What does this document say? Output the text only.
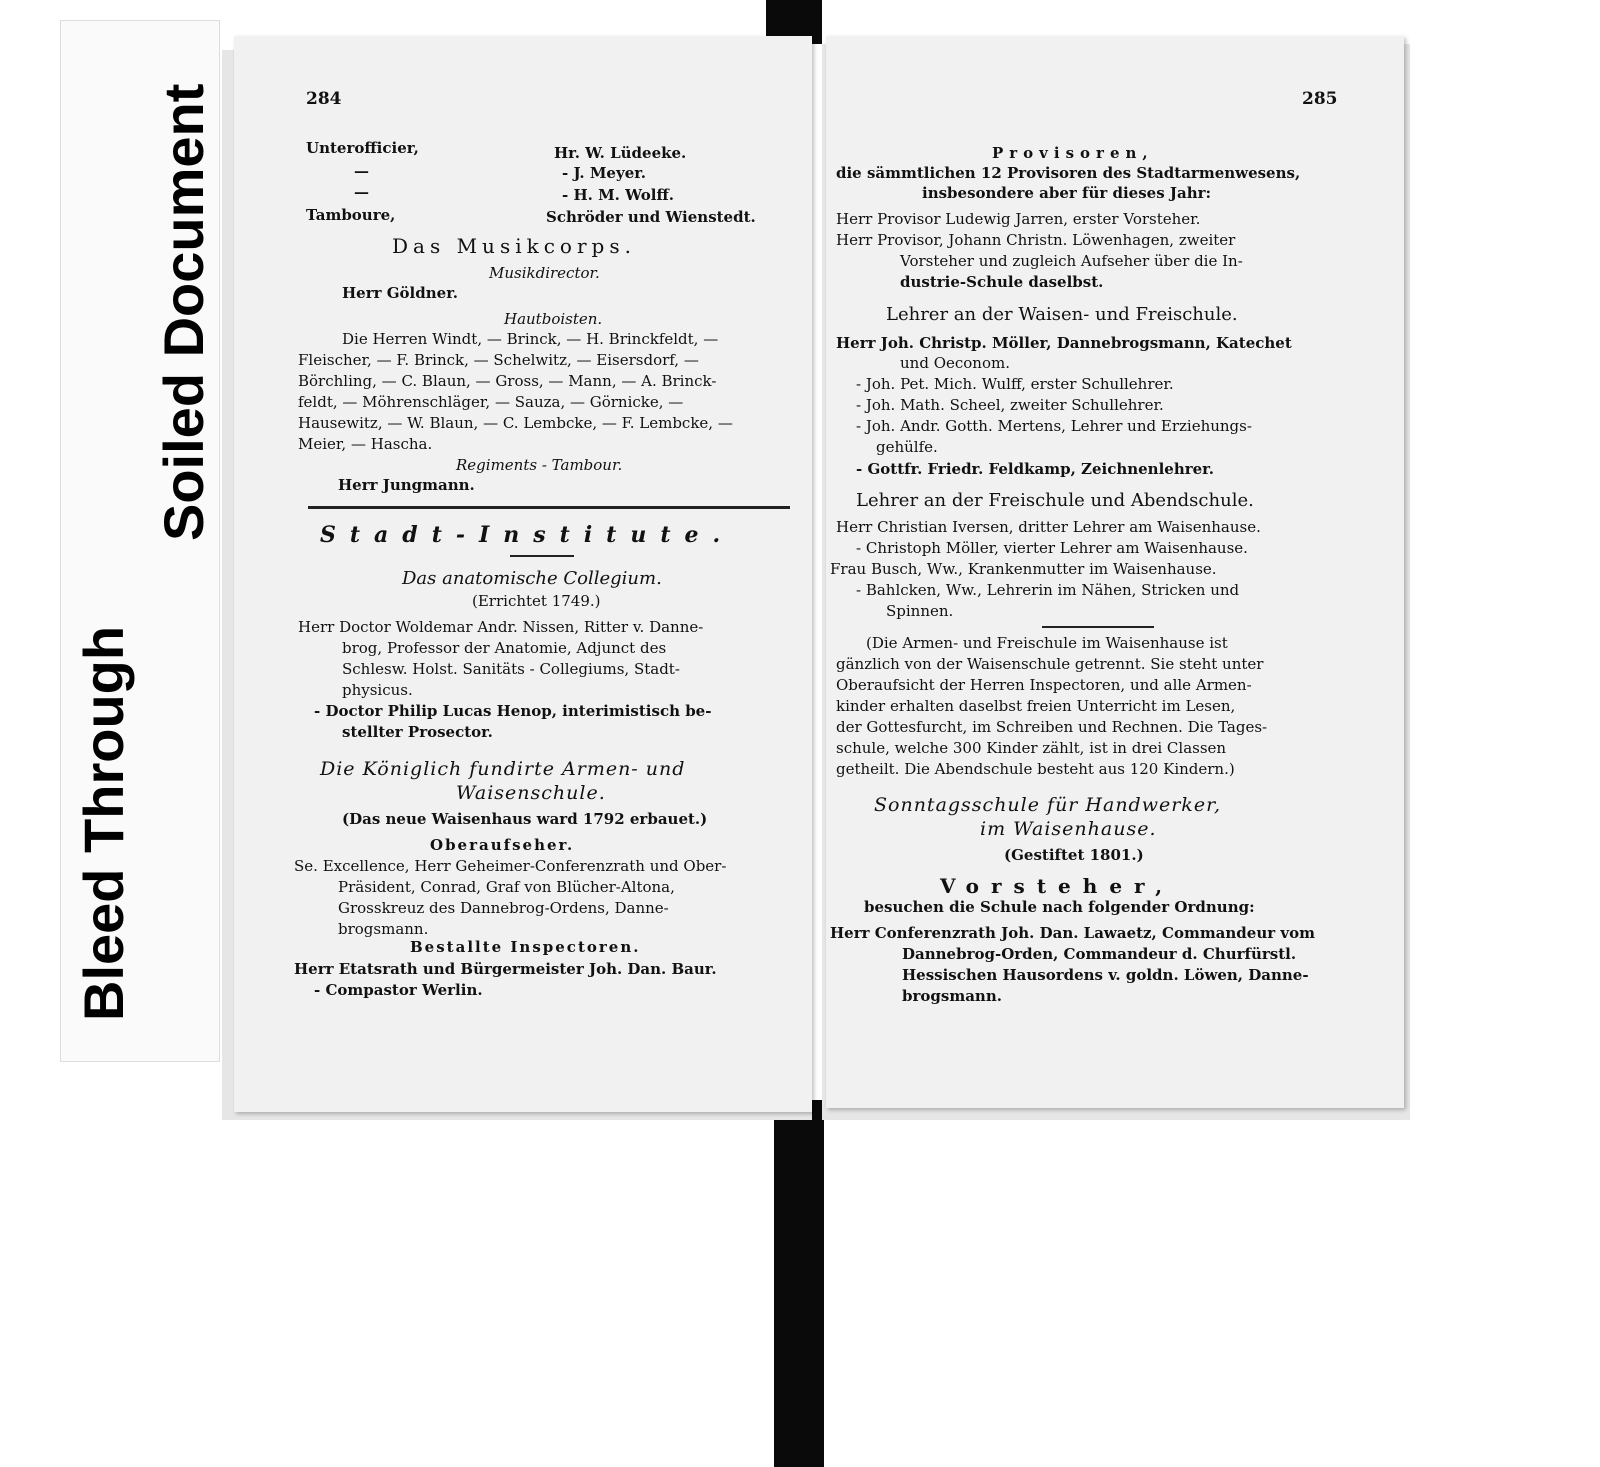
Soiled Document
Bleed Through
284
Unterofficier,	Hr. W. Lüdeeke.
—	- J. Meyer.
—	- H. M. Wolff.
Tamboure,	Schröder und Wienstedt.
Das Musikcorps.
Musikdirector.
Herr Göldner.
Hautboisten.
Die Herren Windt, — Brinck, — H. Brinckfeldt, —
Fleischer, — F. Brinck, — Schelwitz, — Eisersdorf, —
Börchling, — C. Blaun, — Gross, — Mann, — A. Brinck-
feldt, — Möhrenschläger, — Sauza, — Görnicke, —
Hausewitz, — W. Blaun, — C. Lembcke, — F. Lembcke, —
Meier, — Hascha.
Regiments - Tambour.
Herr Jungmann.
Stadt-Institute.
Das anatomische Collegium.
(Errichtet 1749.)
Herr Doctor Woldemar Andr. Nissen, Ritter v. Danne-
brog, Professor der Anatomie, Adjunct des
Schlesw. Holst. Sanitäts - Collegiums, Stadt-
physicus.
- Doctor Philip Lucas Henop, interimistisch be-
stellter Prosector.
Die Königlich fundirte Armen- und
Waisenschule.
(Das neue Waisenhaus ward 1792 erbauet.)
Oberaufseher.
Se. Excellence, Herr Geheimer-Conferenzrath und Ober-
Präsident, Conrad, Graf von Blücher-Altona,
Grosskreuz des Dannebrog-Ordens, Danne-
brogsmann.
Bestallte Inspectoren.
Herr Etatsrath und Bürgermeister Joh. Dan. Baur.
- Compastor Werlin.
285
Provisoren,
die sämmtlichen 12 Provisoren des Stadtarmenwesens,
insbesondere aber für dieses Jahr:
Herr Provisor Ludewig Jarren, erster Vorsteher.
Herr Provisor, Johann Christn. Löwenhagen, zweiter
Vorsteher und zugleich Aufseher über die In-
dustrie-Schule daselbst.
Lehrer an der Waisen- und Freischule.
Herr Joh. Christp. Möller, Dannebrogsmann, Katechet
und Oeconom.
- Joh. Pet. Mich. Wulff, erster Schullehrer.
- Joh. Math. Scheel, zweiter Schullehrer.
- Joh. Andr. Gotth. Mertens, Lehrer und Erziehungs-
gehülfe.
- Gottfr. Friedr. Feldkamp, Zeichnenlehrer.
Lehrer an der Freischule und Abendschule.
Herr Christian Iversen, dritter Lehrer am Waisenhause.
- Christoph Möller, vierter Lehrer am Waisenhause.
Frau Busch, Ww., Krankenmutter im Waisenhause.
- Bahlcken, Ww., Lehrerin im Nähen, Stricken und
Spinnen.
(Die Armen- und Freischule im Waisenhause ist
gänzlich von der Waisenschule getrennt. Sie steht unter
Oberaufsicht der Herren Inspectoren, und alle Armen-
kinder erhalten daselbst freien Unterricht im Lesen,
der Gottesfurcht, im Schreiben und Rechnen. Die Tages-
schule, welche 300 Kinder zählt, ist in drei Classen
getheilt. Die Abendschule besteht aus 120 Kindern.)
Sonntagsschule für Handwerker,
im Waisenhause.
(Gestiftet 1801.)
Vorsteher,
besuchen die Schule nach folgender Ordnung:
Herr Conferenzrath Joh. Dan. Lawaetz, Commandeur vom
Dannebrog-Orden, Commandeur d. Churfürstl.
Hessischen Hausordens v. goldn. Löwen, Danne-
brogsmann.
